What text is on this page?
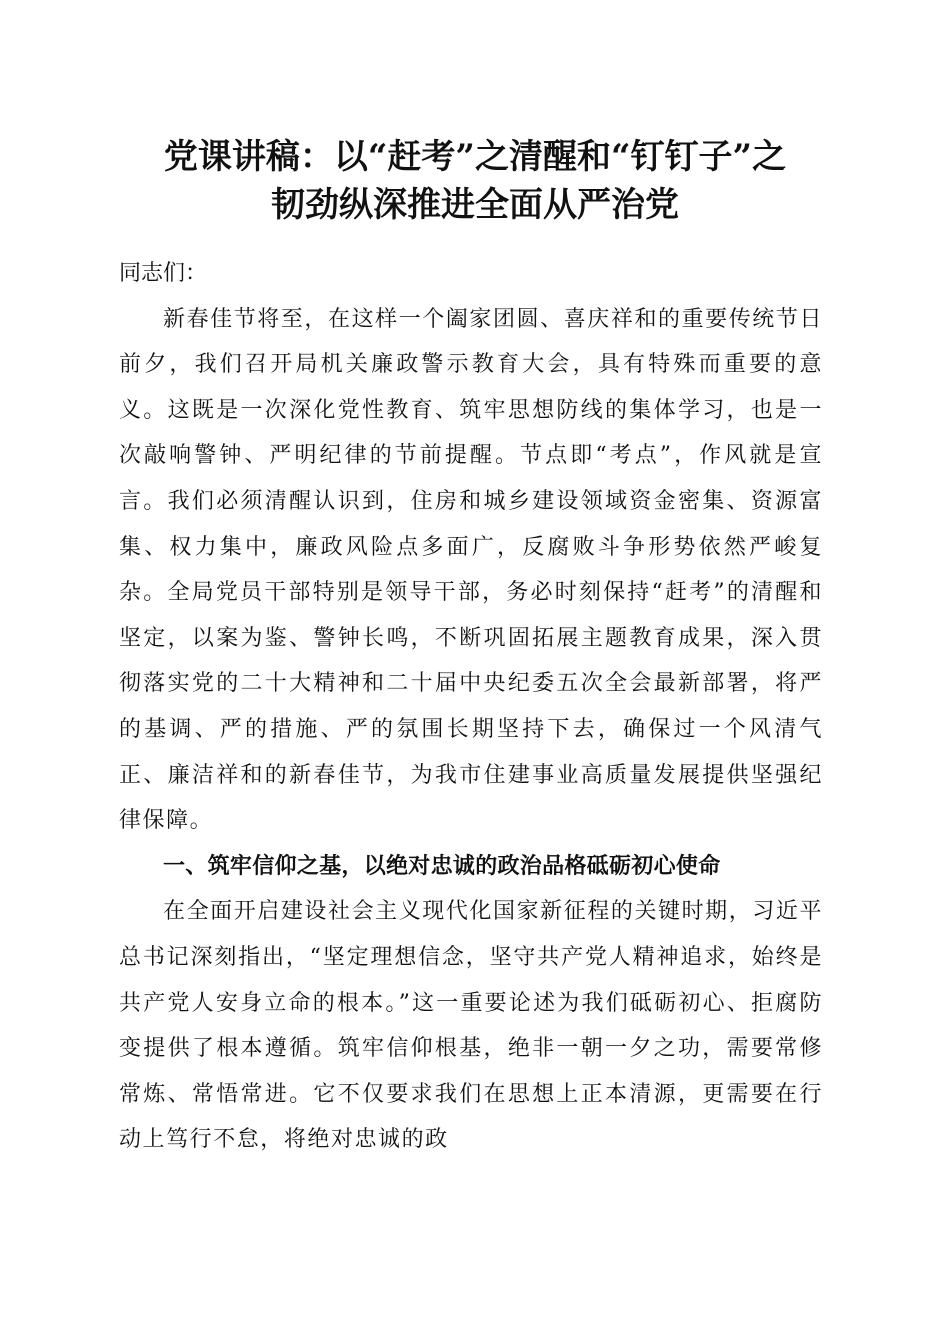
党课讲稿：以“赶考”之清醒和“钉钉子”之
韧劲纵深推进全面从严治党
同志们：

新春佳节将至，在这样一个阖家团圆、喜庆祥和的重要传统节日前夕，我们召开局机关廉政警示教育大会，具有特殊而重要的意义。这既是一次深化党性教育、筑牢思想防线的集体学习，也是一次敲响警钟、严明纪律的节前提醒。节点即“考点”，作风就是宣言。我们必须清醒认识到，住房和城乡建设领域资金密集、资源富集、权力集中，廉政风险点多面广，反腐败斗争形势依然严峻复杂。全局党员干部特别是领导干部，务必时刻保持“赶考”的清醒和坚定，以案为鉴、警钟长鸣，不断巩固拓展主题教育成果，深入贯彻落实党的二十大精神和二十届中央纪委五次全会最新部署，将严的基调、严的措施、严的氛围长期坚持下去，确保过一个风清气正、廉洁祥和的新春佳节，为我市住建事业高质量发展提供坚强纪律保障。

一、筑牢信仰之基，以绝对忠诚的政治品格砥砺初心使命

在全面开启建设社会主义现代化国家新征程的关键时期，习近平总书记深刻指出，“坚定理想信念，坚守共产党人精神追求，始终是共产党人安身立命的根本。”这一重要论述为我们砥砺初心、拒腐防变提供了根本遵循。筑牢信仰根基，绝非一朝一夕之功，需要常修常炼、常悟常进。它不仅要求我们在思想上正本清源，更需要在行动上笃行不怠，将绝对忠诚的政
